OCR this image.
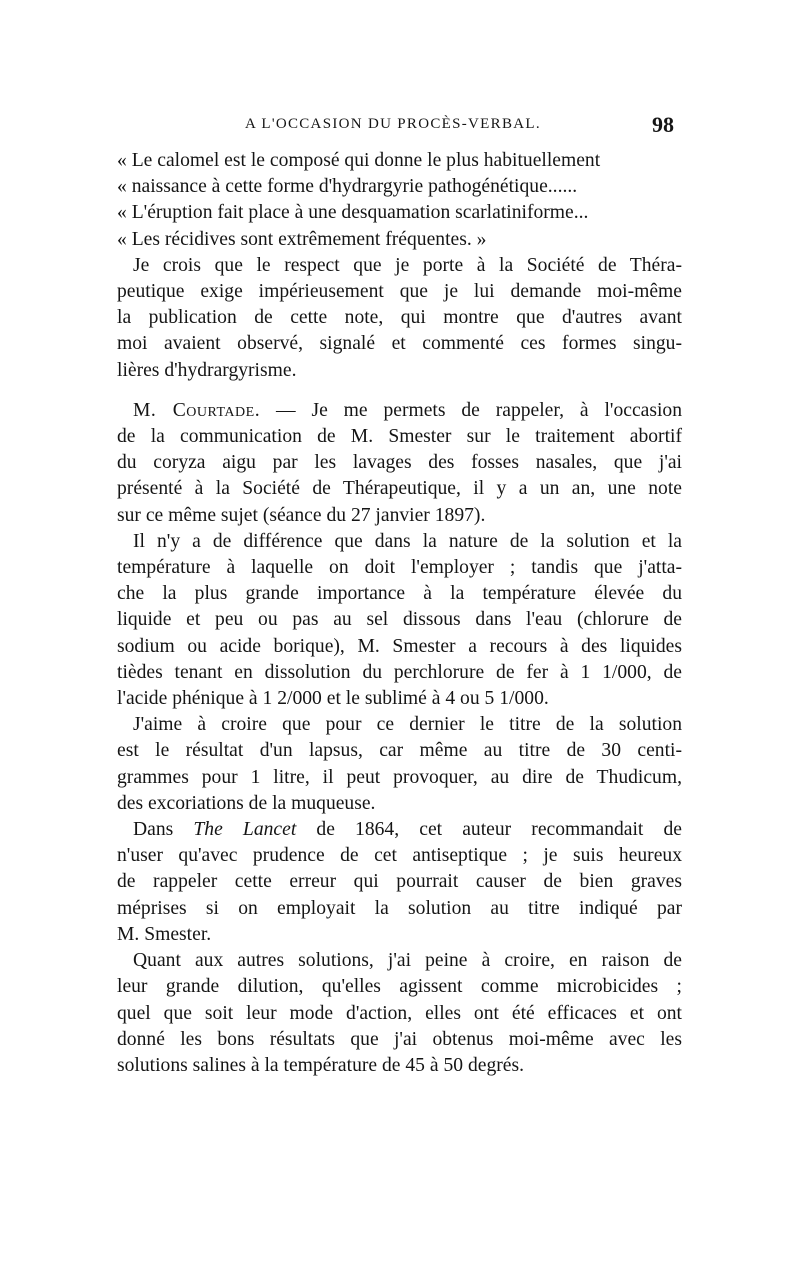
A L'OCCASION DU PROCÈS-VERBAL.	98
« Le calomel est le composé qui donne le plus habituellement
« naissance à cette forme d'hydrargyrie pathogénétique......
« L'éruption fait place à une desquamation scarlatiniforme...
« Les récidives sont extrêmement fréquentes. »
Je crois que le respect que je porte à la Société de Théra-
peutique exige impérieusement que je lui demande moi-même
la publication de cette note, qui montre que d'autres avant
moi avaient observé, signalé et commenté ces formes singu-
lières d'hydrargyrisme.
M. Courtade. — Je me permets de rappeler, à l'occasion
de la communication de M. Smester sur le traitement abortif
du coryza aigu par les lavages des fosses nasales, que j'ai
présenté à la Société de Thérapeutique, il y a un an, une note
sur ce même sujet (séance du 27 janvier 1897).
Il n'y a de différence que dans la nature de la solution et la
température à laquelle on doit l'employer ; tandis que j'atta-
che la plus grande importance à la température élevée du
liquide et peu ou pas au sel dissous dans l'eau (chlorure de
sodium ou acide borique), M. Smester a recours à des liquides
tièdes tenant en dissolution du perchlorure de fer à 1 1/000, de
l'acide phénique à 1 2/000 et le sublimé à 4 ou 5 1/000.
J'aime à croire que pour ce dernier le titre de la solution
est le résultat d'un lapsus, car même au titre de 30 centi-
grammes pour 1 litre, il peut provoquer, au dire de Thudicum,
des excoriations de la muqueuse.
Dans The Lancet de 1864, cet auteur recommandait de
n'user qu'avec prudence de cet antiseptique ; je suis heureux
de rappeler cette erreur qui pourrait causer de bien graves
méprises si on employait la solution au titre indiqué par
M. Smester.
Quant aux autres solutions, j'ai peine à croire, en raison de
leur grande dilution, qu'elles agissent comme microbicides ;
quel que soit leur mode d'action, elles ont été efficaces et ont
donné les bons résultats que j'ai obtenus moi-même avec les
solutions salines à la température de 45 à 50 degrés.
